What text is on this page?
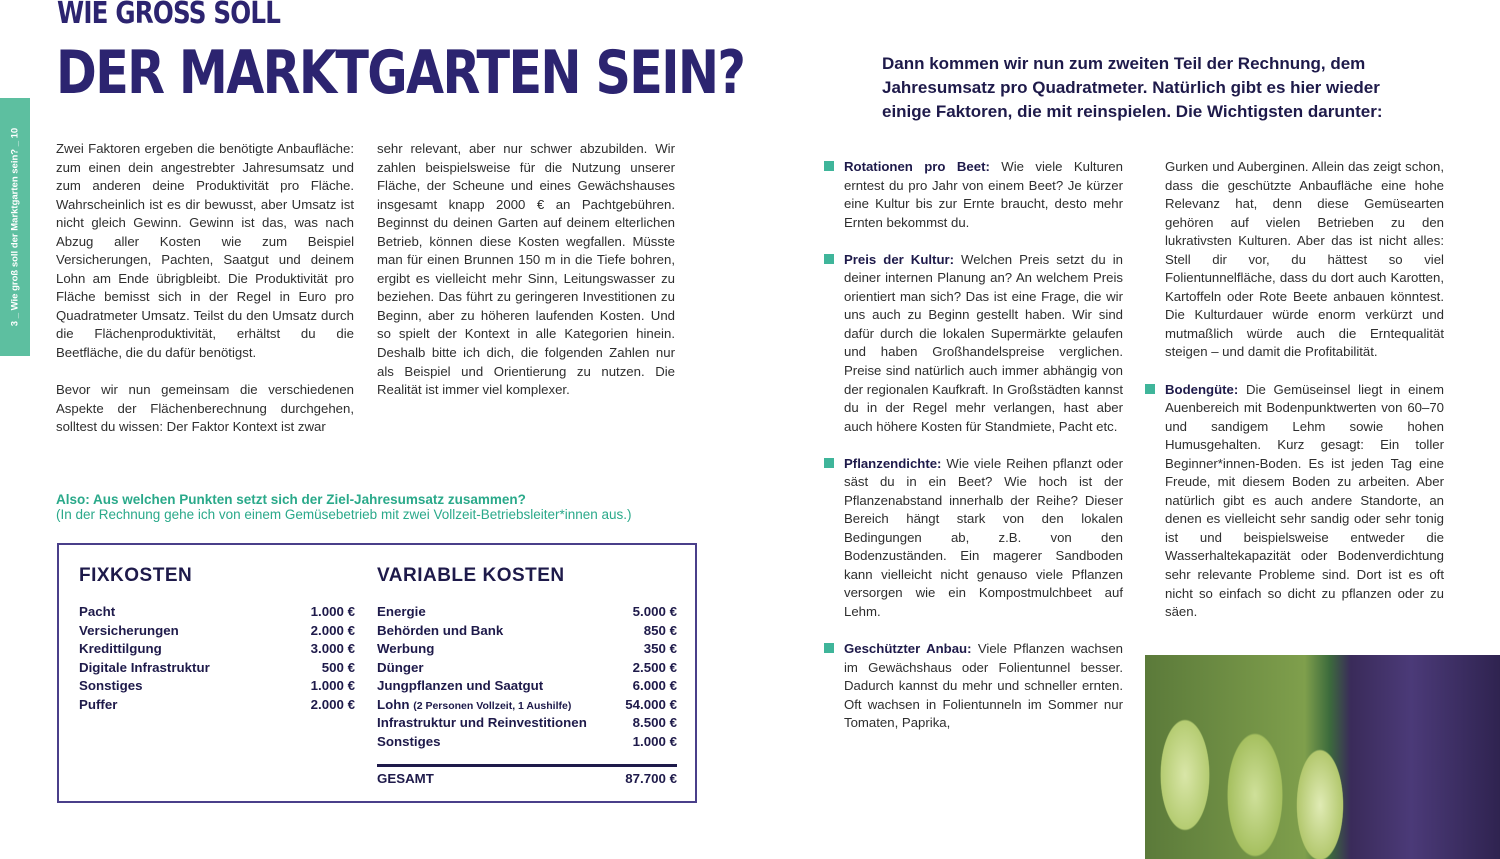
3 _ Wie groß soll der Marktgarten sein? _ 10
WIE GROSS SOLL
DER MARKTGARTEN SEIN?

Zwei Faktoren ergeben die benötigte Anbaufläche: zum einen dein angestrebter Jahresumsatz und zum anderen deine Produktivität pro Fläche. Wahrscheinlich ist es dir bewusst, aber Umsatz ist nicht gleich Gewinn. Gewinn ist das, was nach Abzug aller Kosten wie zum Beispiel Versicherungen, Pachten, Saatgut und deinem Lohn am Ende übrigbleibt. Die Produktivität pro Fläche bemisst sich in der Regel in Euro pro Quadratmeter Umsatz. Teilst du den Umsatz durch die Flächenproduktivität, erhältst du die Beetfläche, die du dafür benötigst.

Bevor wir nun gemeinsam die verschiedenen Aspekte der Flächenberechnung durchgehen, solltest du wissen: Der Faktor Kontext ist zwar

sehr relevant, aber nur schwer abzubilden. Wir zahlen beispielsweise für die Nutzung unserer Fläche, der Scheune und eines Gewächshauses insgesamt knapp 2000 € an Pachtgebühren. Beginnst du deinen Garten auf deinem elterlichen Betrieb, können diese Kosten wegfallen. Müsste man für einen Brunnen 150 m in die Tiefe bohren, ergibt es vielleicht mehr Sinn, Leitungswasser zu beziehen. Das führt zu geringeren Investitionen zu Beginn, aber zu höheren laufenden Kosten. Und so spielt der Kontext in alle Kategorien hinein. Deshalb bitte ich dich, die folgenden Zahlen nur als Beispiel und Orientierung zu nutzen. Die Realität ist immer viel komplexer.

Also: Aus welchen Punkten setzt sich der Ziel-Jahresumsatz zusammen?
(In der Rechnung gehe ich von einem Gemüsebetrieb mit zwei Vollzeit-Betriebsleiter*innen aus.)
FIXKOSTEN	VARIABLE KOSTEN
GESAMT	87.700 €
Pacht	1.000 €
Versicherungen	2.000 €
Kredittilgung	3.000 €
Digitale Infrastruktur	500 €
Sonstiges	1.000 €
Puffer	2.000 €
Energie	5.000 €
Behörden und Bank	850 €
Werbung	350 €
Dünger	2.500 €
Jungpflanzen und Saatgut	6.000 €
Lohn (2 Personen Vollzeit, 1 Aushilfe)	54.000 €
Infrastruktur und Reinvestitionen	8.500 €
Sonstiges	1.000 €
Dann kommen wir nun zum zweiten Teil der Rechnung, dem Jahresumsatz pro Quadratmeter. Natürlich gibt es hier wieder einige Faktoren, die mit reinspielen. Die Wichtigsten darunter:
Rotationen pro Beet: Wie viele Kulturen erntest du pro Jahr von einem Beet? Je kürzer eine Kultur bis zur Ernte braucht, desto mehr Ernten bekommst du.
Preis der Kultur: Welchen Preis setzt du in deiner internen Planung an? An welchem Preis orientiert man sich? Das ist eine Frage, die wir uns auch zu Beginn gestellt haben. Wir sind dafür durch die lokalen Supermärkte gelaufen und haben Großhandelspreise verglichen. Preise sind natürlich auch immer abhängig von der regionalen Kaufkraft. In Großstädten kannst du in der Regel mehr verlangen, hast aber auch höhere Kosten für Standmiete, Pacht etc.
Pflanzendichte: Wie viele Reihen pflanzt oder säst du in ein Beet? Wie hoch ist der Pflanzenabstand innerhalb der Reihe? Dieser Bereich hängt stark von den lokalen Bedingungen ab, z.B. von den Bodenzuständen. Ein magerer Sandboden kann vielleicht nicht genauso viele Pflanzen versorgen wie ein Kompostmulchbeet auf Lehm.
Geschützter Anbau: Viele Pflanzen wachsen im Gewächshaus oder Folientunnel besser. Dadurch kannst du mehr und schneller ernten. Oft wachsen in Folientunneln im Sommer nur Tomaten, Paprika,

Gurken und Auberginen. Allein das zeigt schon, dass die geschützte Anbaufläche eine hohe Relevanz hat, denn diese Gemüsearten gehören auf vielen Betrieben zu den lukrativsten Kulturen. Aber das ist nicht alles: Stell dir vor, du hättest so viel Folientunnelfläche, dass du dort auch Karotten, Kartoffeln oder Rote Beete anbauen könntest. Die Kulturdauer würde enorm verkürzt und mutmaßlich würde auch die Erntequalität steigen – und damit die Profitabilität.

Bodengüte: Die Gemüseinsel liegt in einem Auenbereich mit Bodenpunktwerten von 60–70 und sandigem Lehm sowie hohen Humusgehalten. Kurz gesagt: Ein toller Beginner*innen-Boden. Es ist jeden Tag eine Freude, mit diesem Boden zu arbeiten. Aber natürlich gibt es auch andere Standorte, an denen es vielleicht sehr sandig oder sehr tonig ist und beispielsweise entweder die Wasserhaltekapazität oder Bodenverdichtung sehr relevante Probleme sind. Dort ist es oft nicht so einfach so dicht zu pflanzen oder zu säen.
